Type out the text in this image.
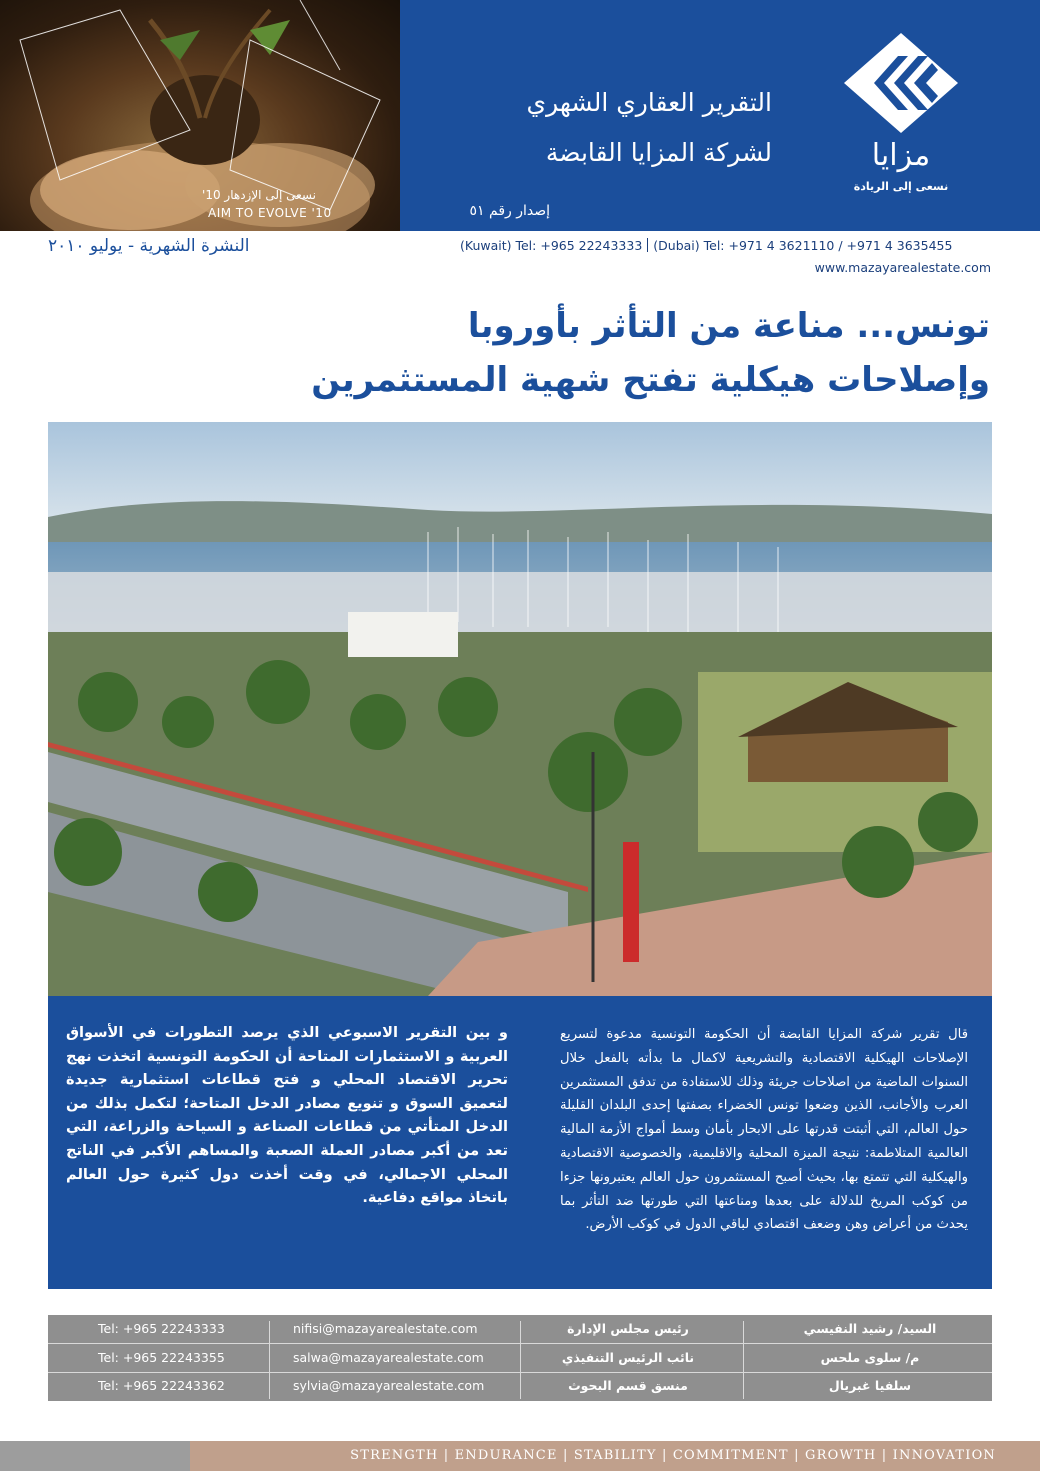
نسعى إلى الإزدهار 10'
AIM TO EVOLVE '10
التقرير العقاري الشهري
لشركة المزايا القابضة
إصدار رقم ٥١
مزايا
نسعى إلى الريادة
(Kuwait) Tel: +965 22243333 (Dubai) Tel: +971 4 3621110 / +971 4 3635455
www.mazayarealestate.com
النشرة الشهرية - يوليو ٢٠١٠
تونس... مناعة من التأثر بأوروبا
وإصلاحات هيكلية تفتح شهية المستثمرين
قال تقرير شركة المزايا القابضة أن الحكومة التونسية مدعوة لتسريع الإصلاحات الهيكلية الاقتصادية والتشريعية لاكمال ما بدأته بالفعل خلال السنوات الماضية من اصلاحات جريئة وذلك للاستفادة من تدفق المستثمرين العرب والأجانب، الذين وضعوا تونس الخضراء بصفتها إحدى البلدان القليلة حول العالم، التي أثبتت قدرتها على الابحار بأمان وسط أمواج الأزمة المالية العالمية المتلاطمة: نتيجة الميزة المحلية والاقليمية، والخصوصية الاقتصادية والهيكلية التي تتمتع بها، بحيث أصبح المستثمرون حول العالم يعتبرونها جزءا من كوكب المريخ للدلالة على بعدها ومناعتها التي طورتها ضد التأثر بما يحدث من أعراض وهن وضعف اقتصادي لباقي الدول في كوكب الأرض.
و بين التقرير الاسبوعي الذي يرصد التطورات في الأسواق العربية و الاستثمارات المتاحة أن الحكومة التونسية اتخذت نهج تحرير الاقتصاد المحلي و فتح قطاعات استثمارية جديدة لتعميق السوق و تنويع مصادر الدخل المتاحة؛ لتكمل بذلك من الدخل المتأتي من قطاعات الصناعة و السياحة والزراعة، التي تعد من أكبر مصادر العملة الصعبة والمساهم الأكبر في الناتج المحلي الاجمالي، في وقت أخذت دول كثيرة حول العالم باتخاذ مواقع دفاعية.
Tel: +965 22243333	nifisi@mazayarealestate.com	رئيس مجلس الإدارة	السيد/ رشيد النفيسي
Tel: +965 22243355	salwa@mazayarealestate.com	نائب الرئيس التنفيذي	م/ سلوى ملحس
Tel: +965 22243362	sylvia@mazayarealestate.com	منسق قسم البحوث	سلفيا غبريال
STRENGTH | ENDURANCE | STABILITY | COMMITMENT | GROWTH | INNOVATION
